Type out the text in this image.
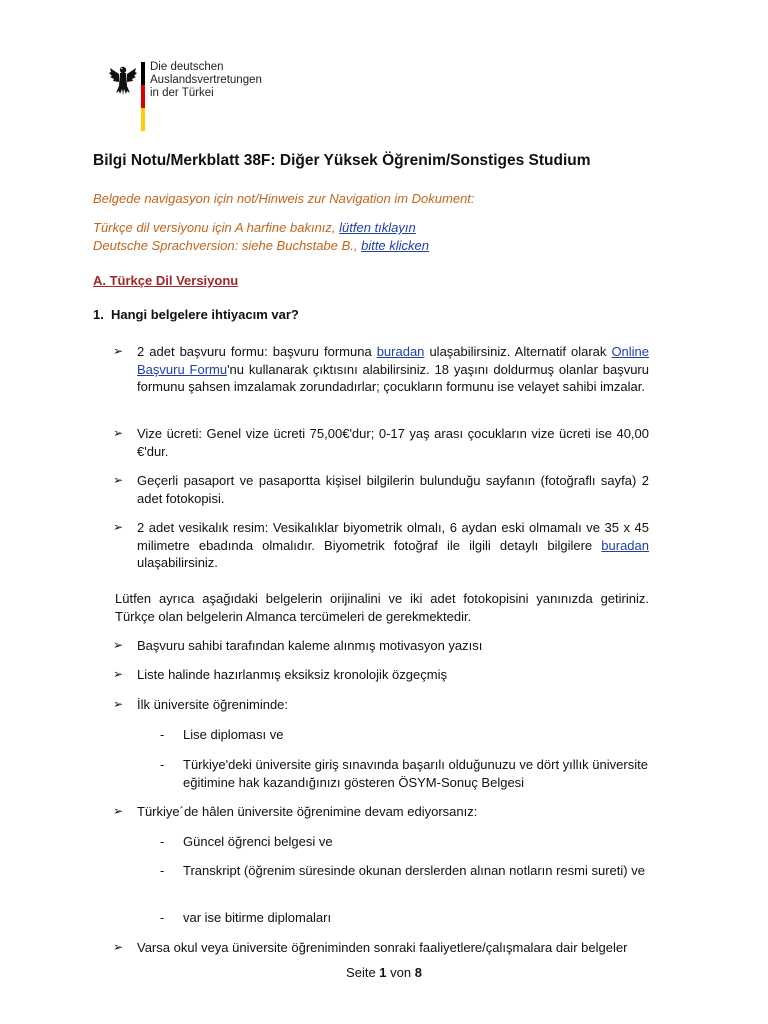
Die deutschen
Auslandsvertretungen
in der Türkei
Bilgi Notu/Merkblatt 38F: Diğer Yüksek Öğrenim/Sonstiges Studium
Belgede navigasyon için not/Hinweis zur Navigation im Dokument:
Türkçe dil versiyonu için A harfine bakınız, lütfen tıklayın
Deutsche Sprachversion: siehe Buchstabe B., bitte klicken
A. Türkçe Dil Versiyonu
1. Hangi belgelere ihtiyacım var?
➢ 2 adet başvuru formu: başvuru formuna buradan ulaşabilirsiniz. Alternatif olarak Online Başvuru Formu'nu kullanarak çıktısını alabilirsiniz. 18 yaşını doldurmuş olanlar başvuru formunu şahsen imzalamak zorundadırlar; çocukların formunu ise velayet sahibi imzalar.
➢ Vize ücreti: Genel vize ücreti 75,00€'dur; 0-17 yaş arası çocukların vize ücreti ise 40,00 €'dur.
➢ Geçerli pasaport ve pasaportta kişisel bilgilerin bulunduğu sayfanın (fotoğraflı sayfa) 2 adet fotokopisi.
➢ 2 adet vesikalık resim: Vesikalıklar biyometrik olmalı, 6 aydan eski olmamalı ve 35 x 45 milimetre ebadında olmalıdır. Biyometrik fotoğraf ile ilgili detaylı bilgilere buradan ulaşabilirsiniz.
Lütfen ayrıca aşağıdaki belgelerin orijinalini ve iki adet fotokopisini yanınızda getiriniz. Türkçe olan belgelerin Almanca tercümeleri de gerekmektedir.
➢ Başvuru sahibi tarafından kaleme alınmış motivasyon yazısı
➢ Liste halinde hazırlanmış eksiksiz kronolojik özgeçmiş
➢ İlk üniversite öğreniminde:
- Lise diploması ve
- Türkiye'deki üniversite giriş sınavında başarılı olduğunuzu ve dört yıllık üniversite eğitimine hak kazandığınızı gösteren ÖSYM-Sonuç Belgesi
➢ Türkiye´de hâlen üniversite öğrenimine devam ediyorsanız:
- Güncel öğrenci belgesi ve
- Transkript (öğrenim süresinde okunan derslerden alınan notların resmi sureti) ve
- var ise bitirme diplomaları
➢ Varsa okul veya üniversite öğreniminden sonraki faaliyetlere/çalışmalara dair belgeler
Seite 1 von 8
